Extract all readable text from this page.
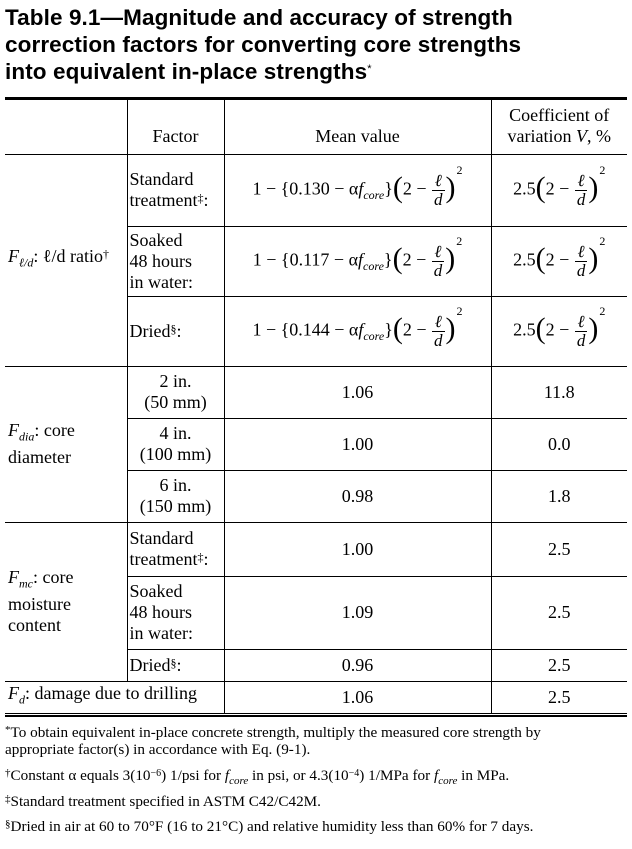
Table 9.1—Magnitude and accuracy of strength
correction factors for converting core strengths
into equivalent in-place strengths*
	Factor	Mean value	Coefficient of
variation V, %
$F_{\ell/d}$: ℓ/d ratio†	Standard
treatment‡:	$1 - \{0.130 - \alpha f_{core}\}(2 - \frac{\text{ℓ}}{d} )^2$	$2.5(2 - \frac{\text{ℓ}}{d} )^2$
	Soaked
48 hours
in water:	$1 - \{0.117 - \alpha f_{core}\}(2 - \frac{\text{ℓ}}{d} )^2$	$2.5(2 - \frac{\text{ℓ}}{d} )^2$
	Dried§:	$1 - \{0.144 - \alpha f_{core}\}(2 - \frac{\text{ℓ}}{d} )^2$	$2.5(2 - \frac{\text{ℓ}}{d} )^2$
$F_{dia}$: core
diameter	2 in.
(50 mm)	1.06	11.8
	4 in.
(100 mm)	1.00	0.0
	6 in.
(150 mm)	0.98	1.8
$F_{mc}$: core
moisture
content	Standard
treatment‡:	1.00	2.5
	Soaked
48 hours
in water:	1.09	2.5
	Dried§:	0.96	2.5
$F_d$: damage due to drilling		1.06	2.5
*To obtain equivalent in-place concrete strength, multiply the measured core strength by
appropriate factor(s) in accordance with Eq. (9-1).
†Constant α equals $3(10^{-6})$ 1/psi for $f_{core}$ in psi, or $4.3(10^{-4})$ 1/MPa for $f_{core}$ in MPa.
‡Standard treatment specified in ASTM C42/C42M.
§Dried in air at 60 to 70°F (16 to 21°C) and relative humidity less than 60% for 7 days.
